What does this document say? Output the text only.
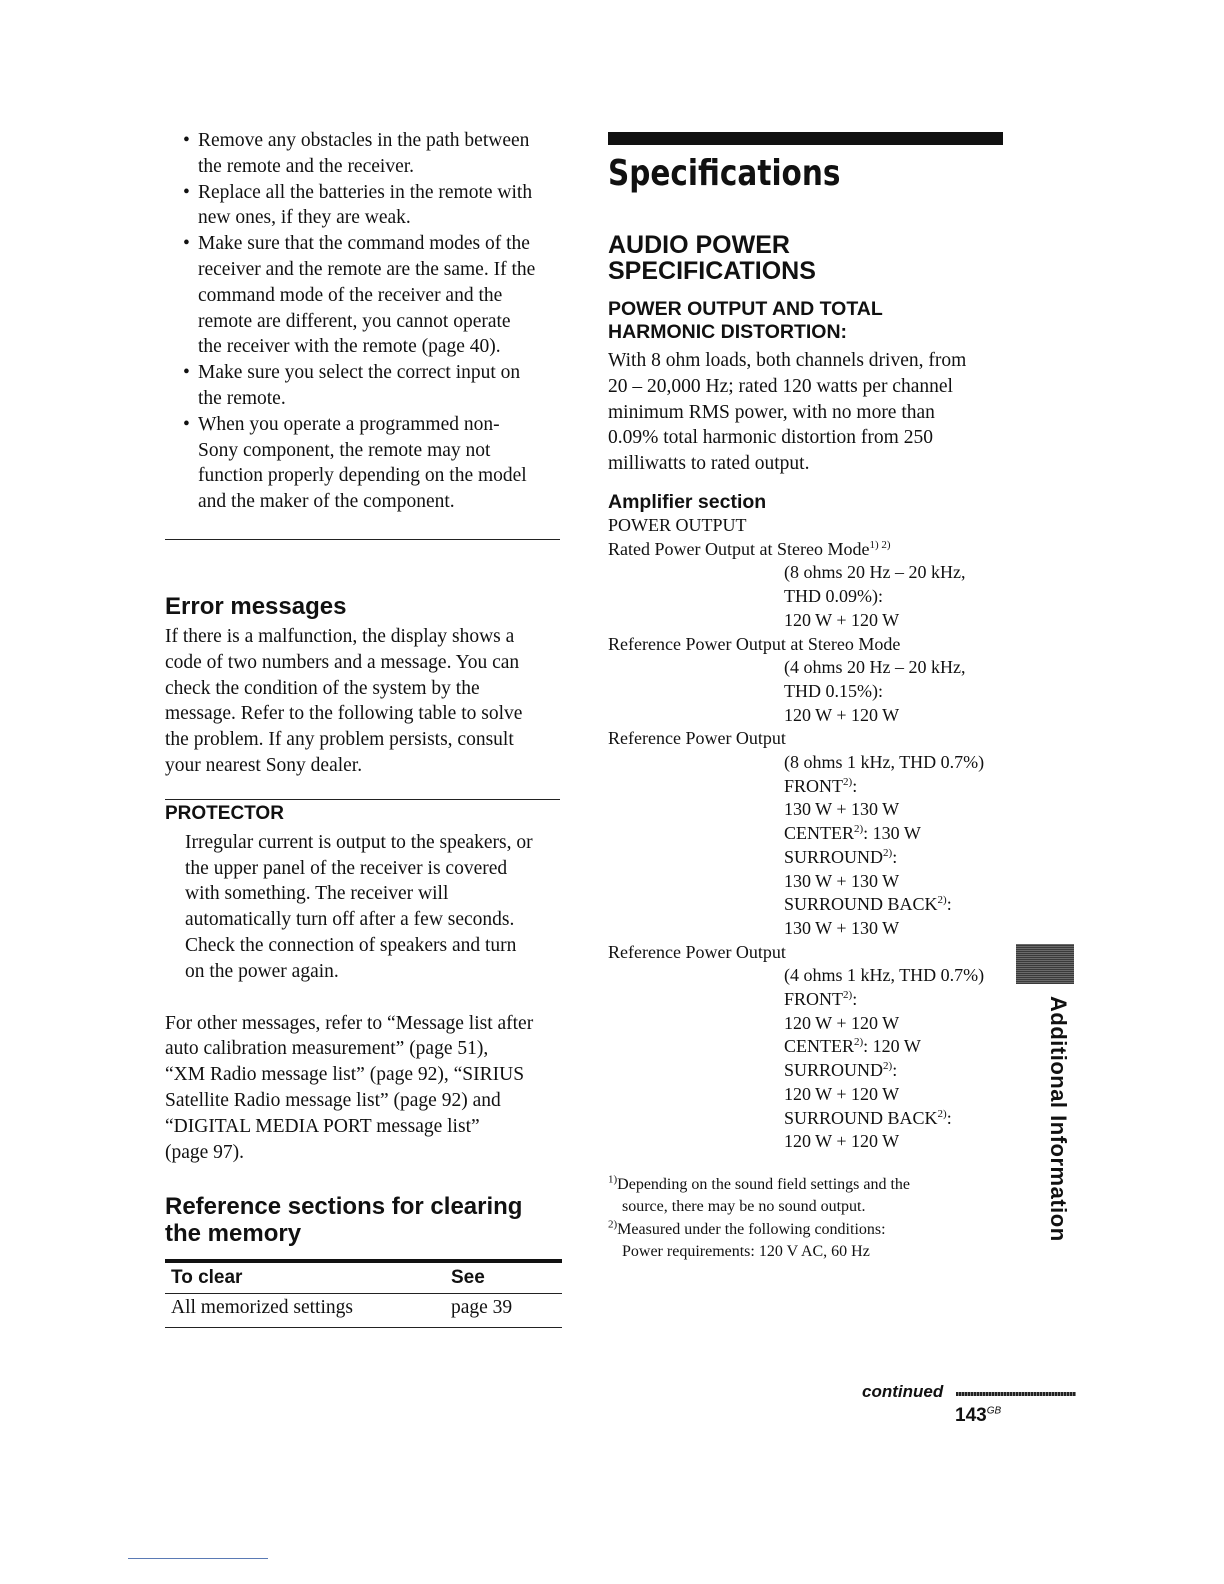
• Remove any obstacles in the path between
the remote and the receiver.
• Replace all the batteries in the remote with
new ones, if they are weak.
• Make sure that the command modes of the
receiver and the remote are the same. If the
command mode of the receiver and the
remote are different, you cannot operate
the receiver with the remote (page 40).
• Make sure you select the correct input on
the remote.
• When you operate a programmed non-
Sony component, the remote may not
function properly depending on the model
and the maker of the component.
Error messages

If there is a malfunction, the display shows a
code of two numbers and a message. You can
check the condition of the system by the
message. Refer to the following table to solve
the problem. If any problem persists, consult
your nearest Sony dealer.

PROTECTOR

Irregular current is output to the speakers, or
the upper panel of the receiver is covered
with something. The receiver will
automatically turn off after a few seconds.
Check the connection of speakers and turn
on the power again.

For other messages, refer to “Message list after
auto calibration measurement” (page 51),
“XM Radio message list” (page 92), “SIRIUS
Satellite Radio message list” (page 92) and
“DIGITAL MEDIA PORT message list”
(page 97).

Reference sections for clearing
the memory
To clear	See
All memorized settings	page 39
Specifications
AUDIO POWER
SPECIFICATIONS
POWER OUTPUT AND TOTAL
HARMONIC DISTORTION:

With 8 ohm loads, both channels driven, from
20 – 20,000 Hz; rated 120 watts per channel
minimum RMS power, with no more than
0.09% total harmonic distortion from 250
milliwatts to rated output.

Amplifier section
POWER OUTPUT
Rated Power Output at Stereo Mode$^{1) 2)}$
(8 ohms 20 Hz – 20 kHz,
THD 0.09%):
120 W + 120 W
Reference Power Output at Stereo Mode
(4 ohms 20 Hz – 20 kHz,
THD 0.15%):
120 W + 120 W
Reference Power Output
(8 ohms 1 kHz, THD 0.7%)
FRONT$^{2)}$:
130 W + 130 W
CENTER$^{2)}$: 130 W
SURROUND$^{2)}$:
130 W + 130 W
SURROUND BACK$^{2)}$:
130 W + 130 W
Reference Power Output
(4 ohms 1 kHz, THD 0.7%)
FRONT$^{2)}$:
120 W + 120 W
CENTER$^{2)}$: 120 W
SURROUND$^{2)}$:
120 W + 120 W
SURROUND BACK$^{2)}$:
120 W + 120 W
$^{1)}$Depending on the sound field settings and the
source, there may be no sound output.
$^{2)}$Measured under the following conditions:
Power requirements: 120 V AC, 60 Hz
Additional Information
continued
$143_{GB}$
